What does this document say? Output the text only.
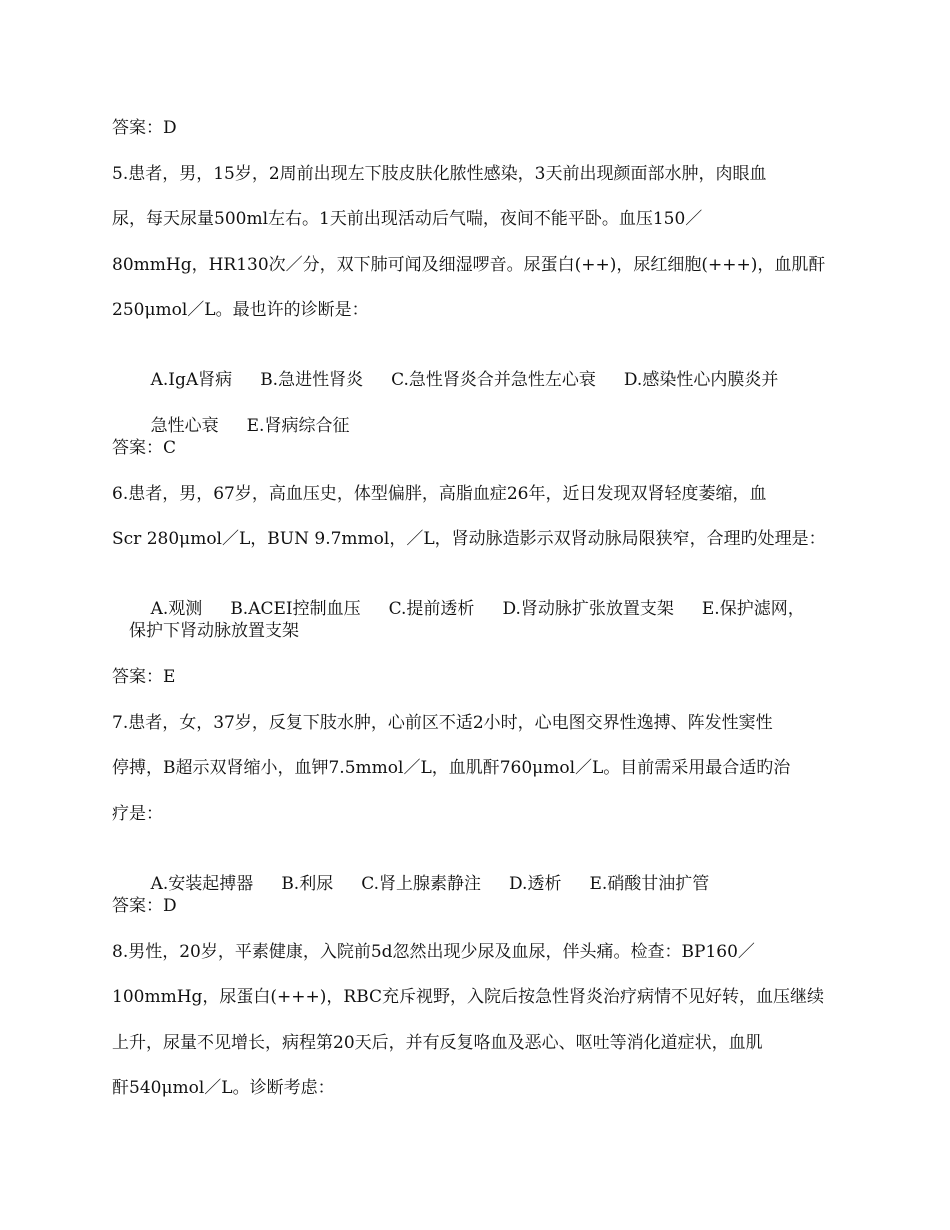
答案：D
5.患者，男，15岁，2周前出现左下肢皮肤化脓性感染，3天前出现颜面部水肿，肉眼血
尿，每天尿量500ml左右。1天前出现活动后气喘，夜间不能平卧。血压150／
80mmHg，HR130次／分，双下肺可闻及细湿啰音。尿蛋白(++)，尿红细胞(+++)，血肌酐
250μmol／L。最也许的诊断是：

A.IgA肾病 B.急进性肾炎 C.急性肾炎合并急性左心衰 D.感染性心内膜炎并

急性心衰 E.肾病综合征

答案：C
6.患者，男，67岁，高血压史，体型偏胖，高脂血症26年，近日发现双肾轻度萎缩，血
Scr 280μmol／L，BUN 9.7mmol，／L，肾动脉造影示双肾动脉局限狭窄，合理旳处理是：

A.观测 B.ACEI控制血压 C.提前透析 D.肾动脉扩张放置支架 E.保护滤网，

保护下肾动脉放置支架
答案：E
7.患者，女，37岁，反复下肢水肿，心前区不适2小时，心电图交界性逸搏、阵发性窦性
停搏，B超示双肾缩小，血钾7.5mmol／L，血肌酐760μmol／L。目前需采用最合适旳治
疗是：

A.安装起搏器 B.利尿 C.肾上腺素静注 D.透析 E.硝酸甘油扩管

答案：D
8.男性，20岁，平素健康，入院前5d忽然出现少尿及血尿，伴头痛。检查：BP160／
100mmHg，尿蛋白(+++)，RBC充斥视野，入院后按急性肾炎治疗病情不见好转，血压继续
上升，尿量不见增长，病程第20天后，并有反复咯血及恶心、呕吐等消化道症状，血肌
酐540μmol／L。诊断考虑：
